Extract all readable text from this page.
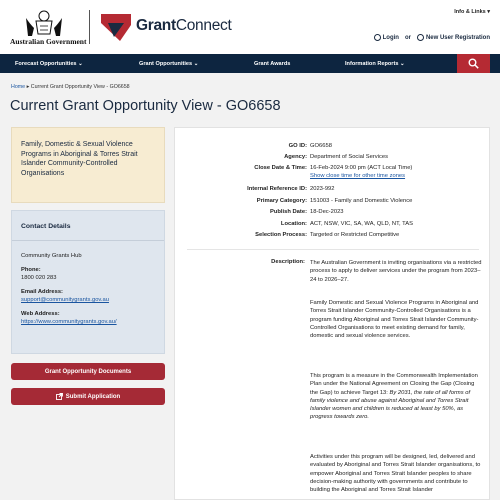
Australian Government
GrantConnect
Info & Links ▾
Login or	New User Registration
Forecast Opportunities ⌄	Grant Opportunities ⌄	Grant Awards	Information Reports ⌄
Home ▸ Current Grant Opportunity View - GO6658
Current Grant Opportunity View - GO6658

Family, Domestic & Sexual Violence Programs in Aboriginal & Torres Strait Islander Community-Controlled Organisations

Contact Details
Community Grants Hub
Phone:
1800 020 283
Email Address:
support@communitygrants.gov.au
Web Address:
https://www.communitygrants.gov.au/
Grant Opportunity Documents
Submit Application
GO ID: GO6658
Agency: Department of Social Services
Close Date & Time: 16-Feb-2024 9:00 pm (ACT Local Time)
Show close time for other time zones
Internal Reference ID: 2023-992
Primary Category: 151003 - Family and Domestic Violence
Publish Date: 18-Dec-2023
Location: ACT, NSW, VIC, SA, WA, QLD, NT, TAS
Selection Process: Targeted or Restricted Competitive
Description: The Australian Government is inviting organisations via a restricted process to apply to deliver services under the program from 2023–24 to 2026–27.
Family Domestic and Sexual Violence Programs in Aboriginal and Torres Strait Islander Community-Controlled Organisations is a program funding Aboriginal and Torres Strait Islander Community-Controlled Organisations to meet existing demand for family, domestic and sexual violence services.
This program is a measure in the Commonwealth Implementation Plan under the National Agreement on Closing the Gap (Closing the Gap) to achieve Target 13: By 2031, the rate of all forms of family violence and abuse against Aboriginal and Torres Strait Islander women and children is reduced at least by 50%, as progress towards zero.
Activities under this program will be designed, led, delivered and evaluated by Aboriginal and Torres Strait Islander organisations, to empower Aboriginal and Torres Strait Islander peoples to share decision-making authority with governments and contribute to building the Aboriginal and Torres Strait Islander
